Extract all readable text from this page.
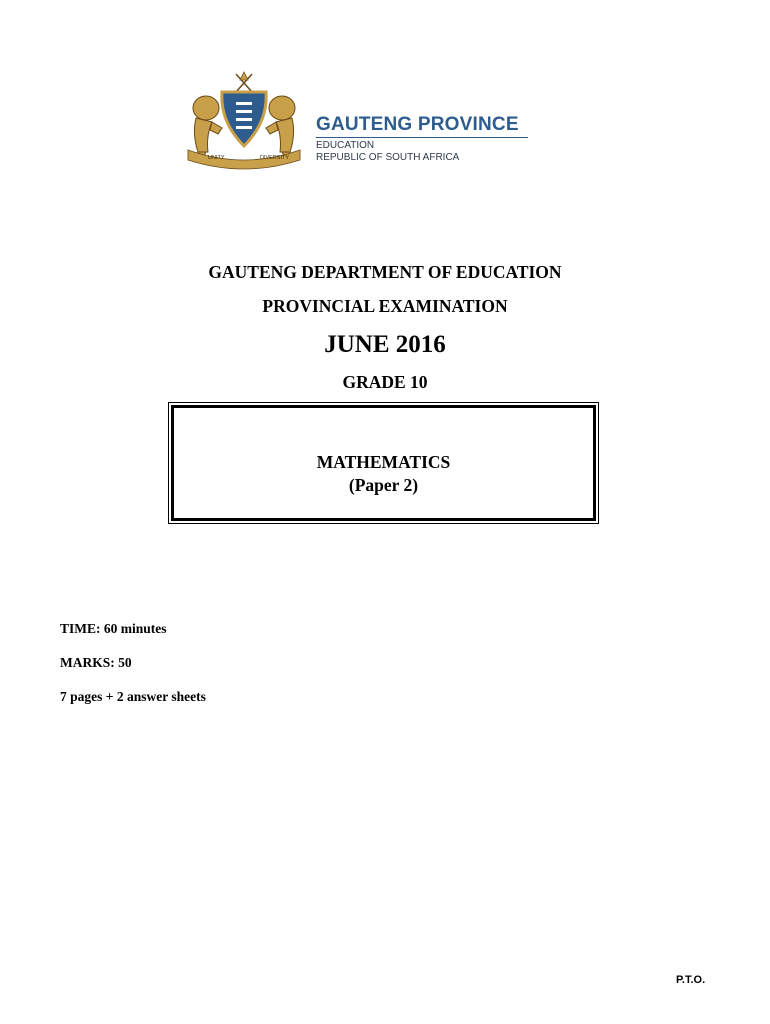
UNITY	DIVERSITY
GAUTENG PROVINCE
EDUCATION
REPUBLIC OF SOUTH AFRICA
GAUTENG DEPARTMENT OF EDUCATION
PROVINCIAL EXAMINATION
JUNE 2016
GRADE 10
MATHEMATICS
(Paper 2)
TIME: 60 minutes
MARKS: 50
7 pages + 2 answer sheets
P.T.O.
